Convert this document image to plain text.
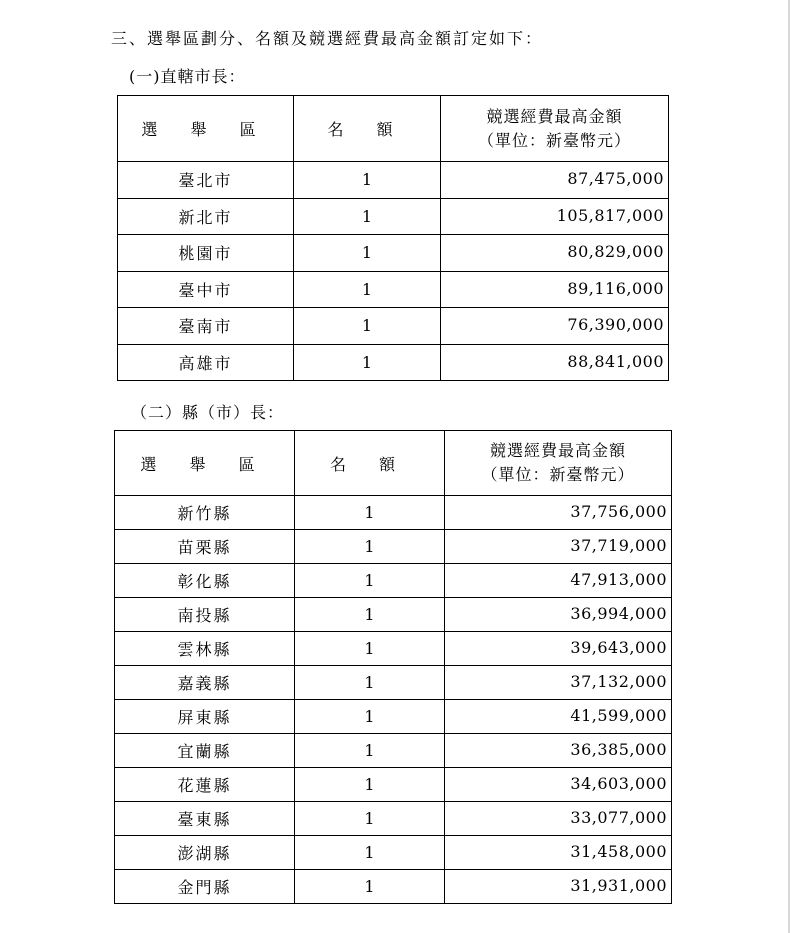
三、選舉區劃分、名額及競選經費最高金額訂定如下：
(一)直轄市長：
選 舉 區	名 額	競選經費最高金額
（單位：新臺幣元）

臺北市	1	87,475,000
新北市	1	105,817,000
桃園市	1	80,829,000
臺中市	1	89,116,000
臺南市	1	76,390,000
高雄市	1	88,841,000
（二）縣（市）長：
選 舉 區	名 額	競選經費最高金額
（單位：新臺幣元）

新竹縣	1	37,756,000
苗栗縣	1	37,719,000
彰化縣	1	47,913,000
南投縣	1	36,994,000
雲林縣	1	39,643,000
嘉義縣	1	37,132,000
屏東縣	1	41,599,000
宜蘭縣	1	36,385,000
花蓮縣	1	34,603,000
臺東縣	1	33,077,000
澎湖縣	1	31,458,000
金門縣	1	31,931,000
